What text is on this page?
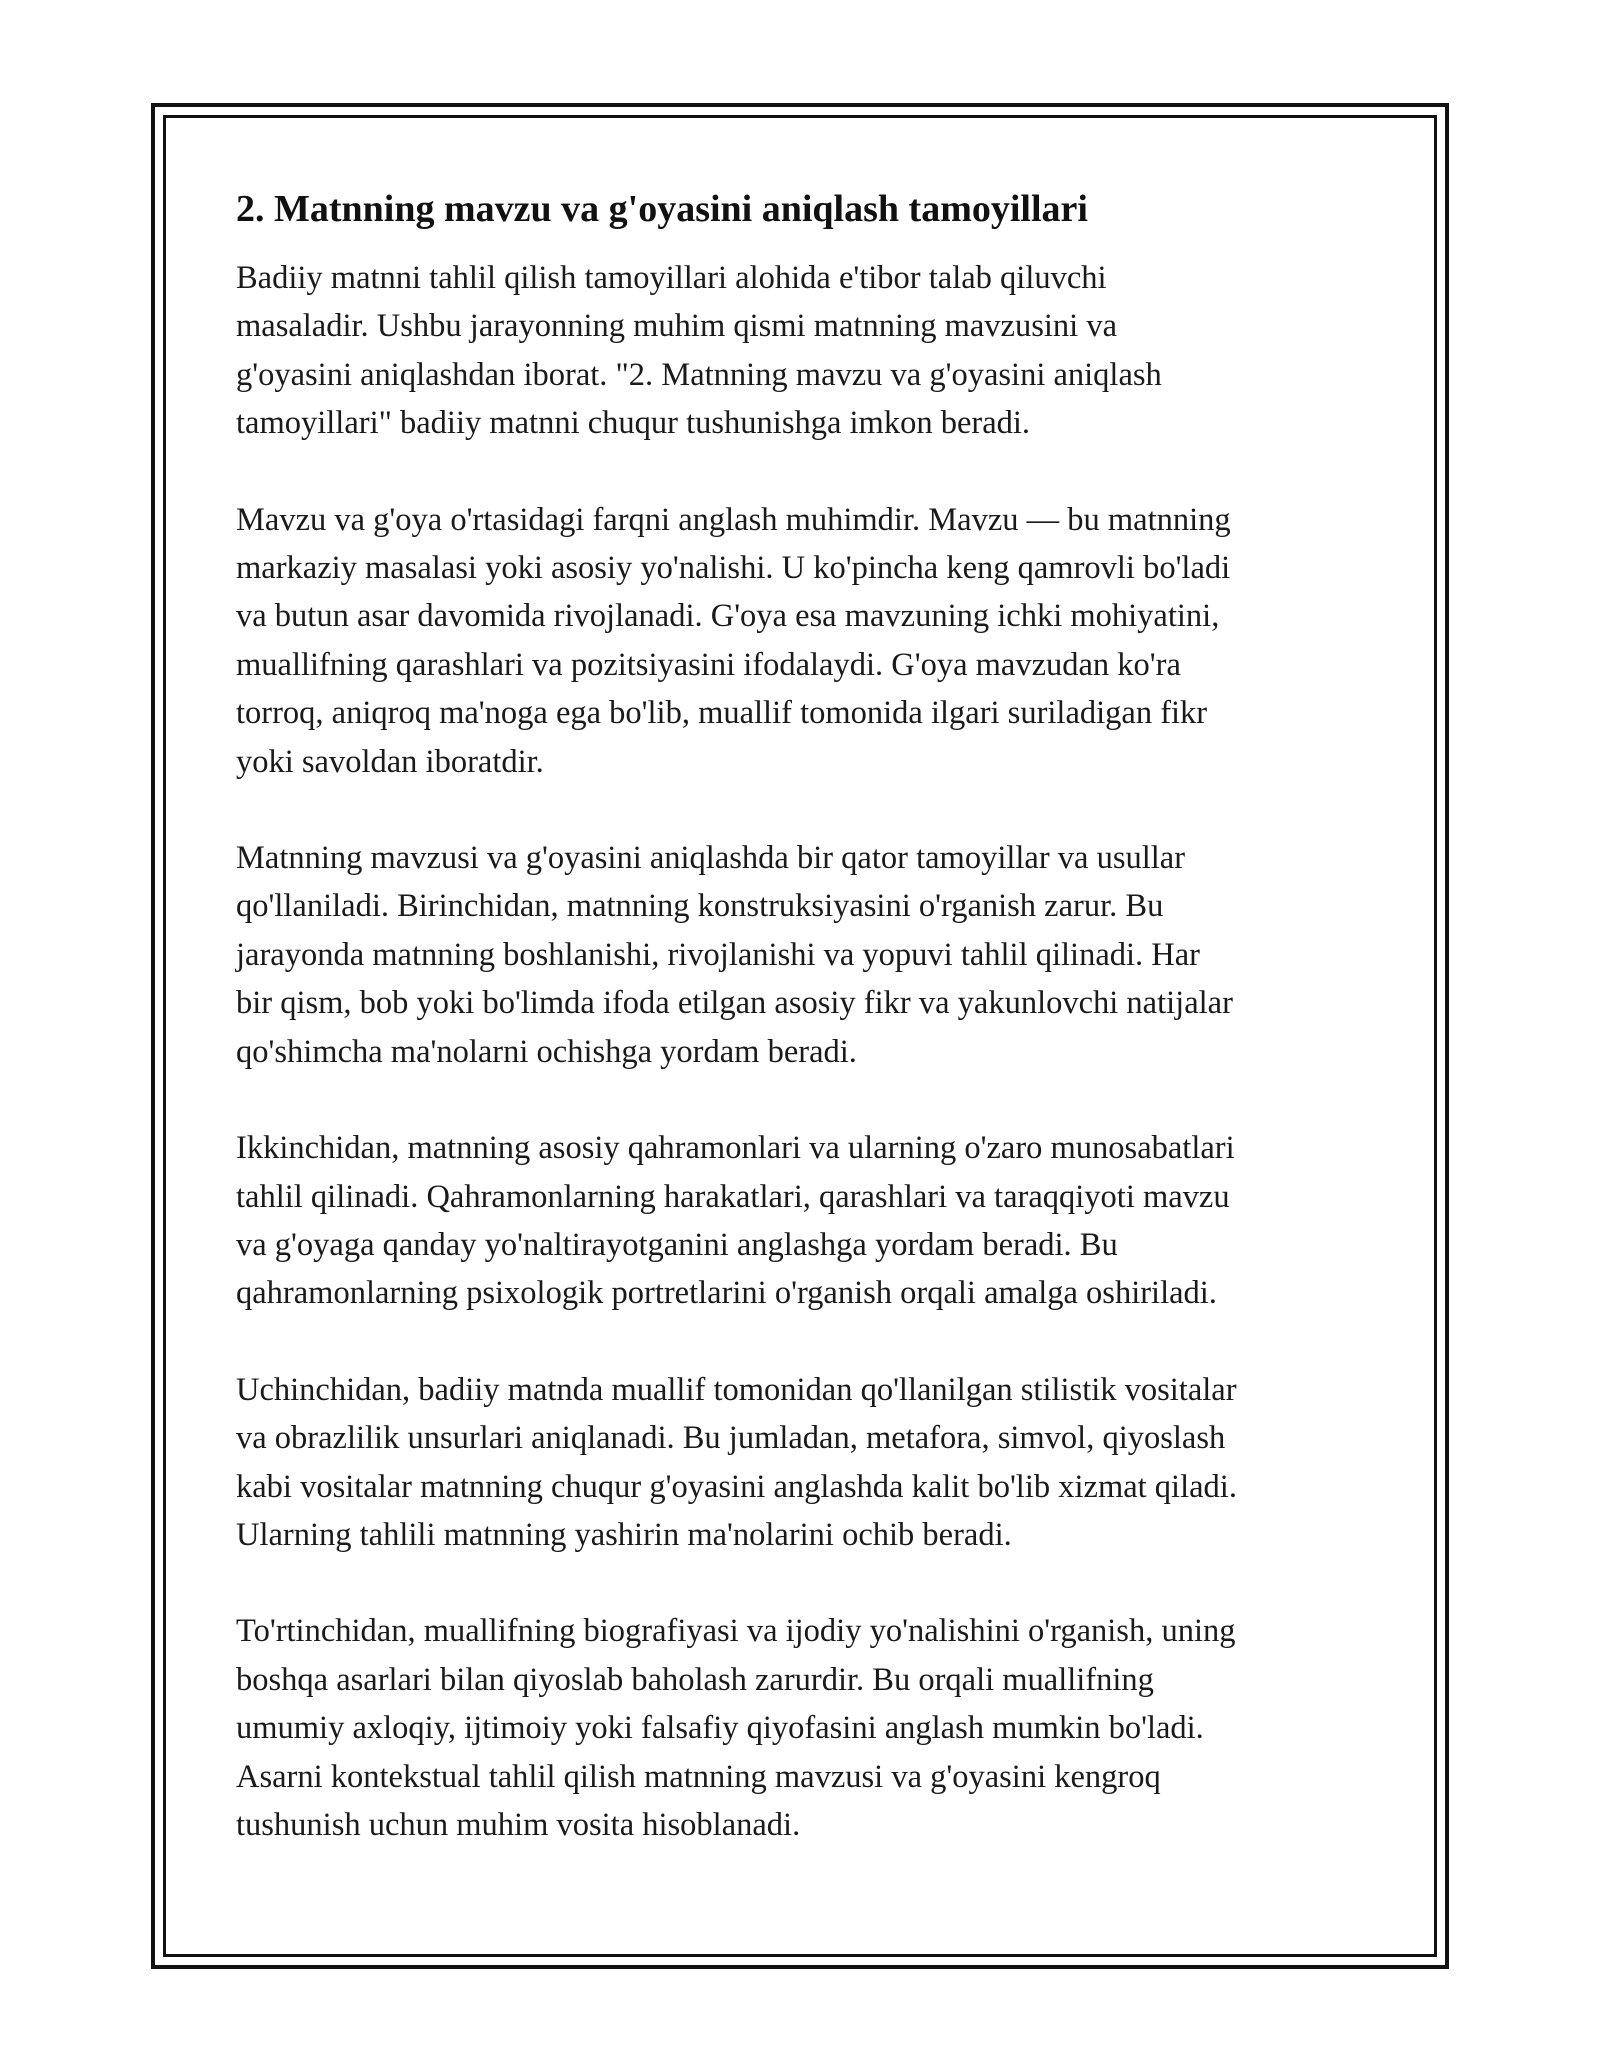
2. Matnning mavzu va g'oyasini aniqlash tamoyillari

Badiiy matnni tahlil qilish tamoyillari alohida e'tibor talab qiluvchi
masaladir. Ushbu jarayonning muhim qismi matnning mavzusini va
g'oyasini aniqlashdan iborat. "2. Matnning mavzu va g'oyasini aniqlash
tamoyillari" badiiy matnni chuqur tushunishga imkon beradi.

Mavzu va g'oya o'rtasidagi farqni anglash muhimdir. Mavzu — bu matnning
markaziy masalasi yoki asosiy yo'nalishi. U ko'pincha keng qamrovli bo'ladi
va butun asar davomida rivojlanadi. G'oya esa mavzuning ichki mohiyatini,
muallifning qarashlari va pozitsiyasini ifodalaydi. G'oya mavzudan ko'ra
torroq, aniqroq ma'noga ega bo'lib, muallif tomonida ilgari suriladigan fikr
yoki savoldan iboratdir.

Matnning mavzusi va g'oyasini aniqlashda bir qator tamoyillar va usullar
qo'llaniladi. Birinchidan, matnning konstruksiyasini o'rganish zarur. Bu
jarayonda matnning boshlanishi, rivojlanishi va yopuvi tahlil qilinadi. Har
bir qism, bob yoki bo'limda ifoda etilgan asosiy fikr va yakunlovchi natijalar
qo'shimcha ma'nolarni ochishga yordam beradi.

Ikkinchidan, matnning asosiy qahramonlari va ularning o'zaro munosabatlari
tahlil qilinadi. Qahramonlarning harakatlari, qarashlari va taraqqiyoti mavzu
va g'oyaga qanday yo'naltirayotganini anglashga yordam beradi. Bu
qahramonlarning psixologik portretlarini o'rganish orqali amalga oshiriladi.

Uchinchidan, badiiy matnda muallif tomonidan qo'llanilgan stilistik vositalar
va obrazlilik unsurlari aniqlanadi. Bu jumladan, metafora, simvol, qiyoslash
kabi vositalar matnning chuqur g'oyasini anglashda kalit bo'lib xizmat qiladi.
Ularning tahlili matnning yashirin ma'nolarini ochib beradi.

To'rtinchidan, muallifning biografiyasi va ijodiy yo'nalishini o'rganish, uning
boshqa asarlari bilan qiyoslab baholash zarurdir. Bu orqali muallifning
umumiy axloqiy, ijtimoiy yoki falsafiy qiyofasini anglash mumkin bo'ladi.
Asarni kontekstual tahlil qilish matnning mavzusi va g'oyasini kengroq
tushunish uchun muhim vosita hisoblanadi.
